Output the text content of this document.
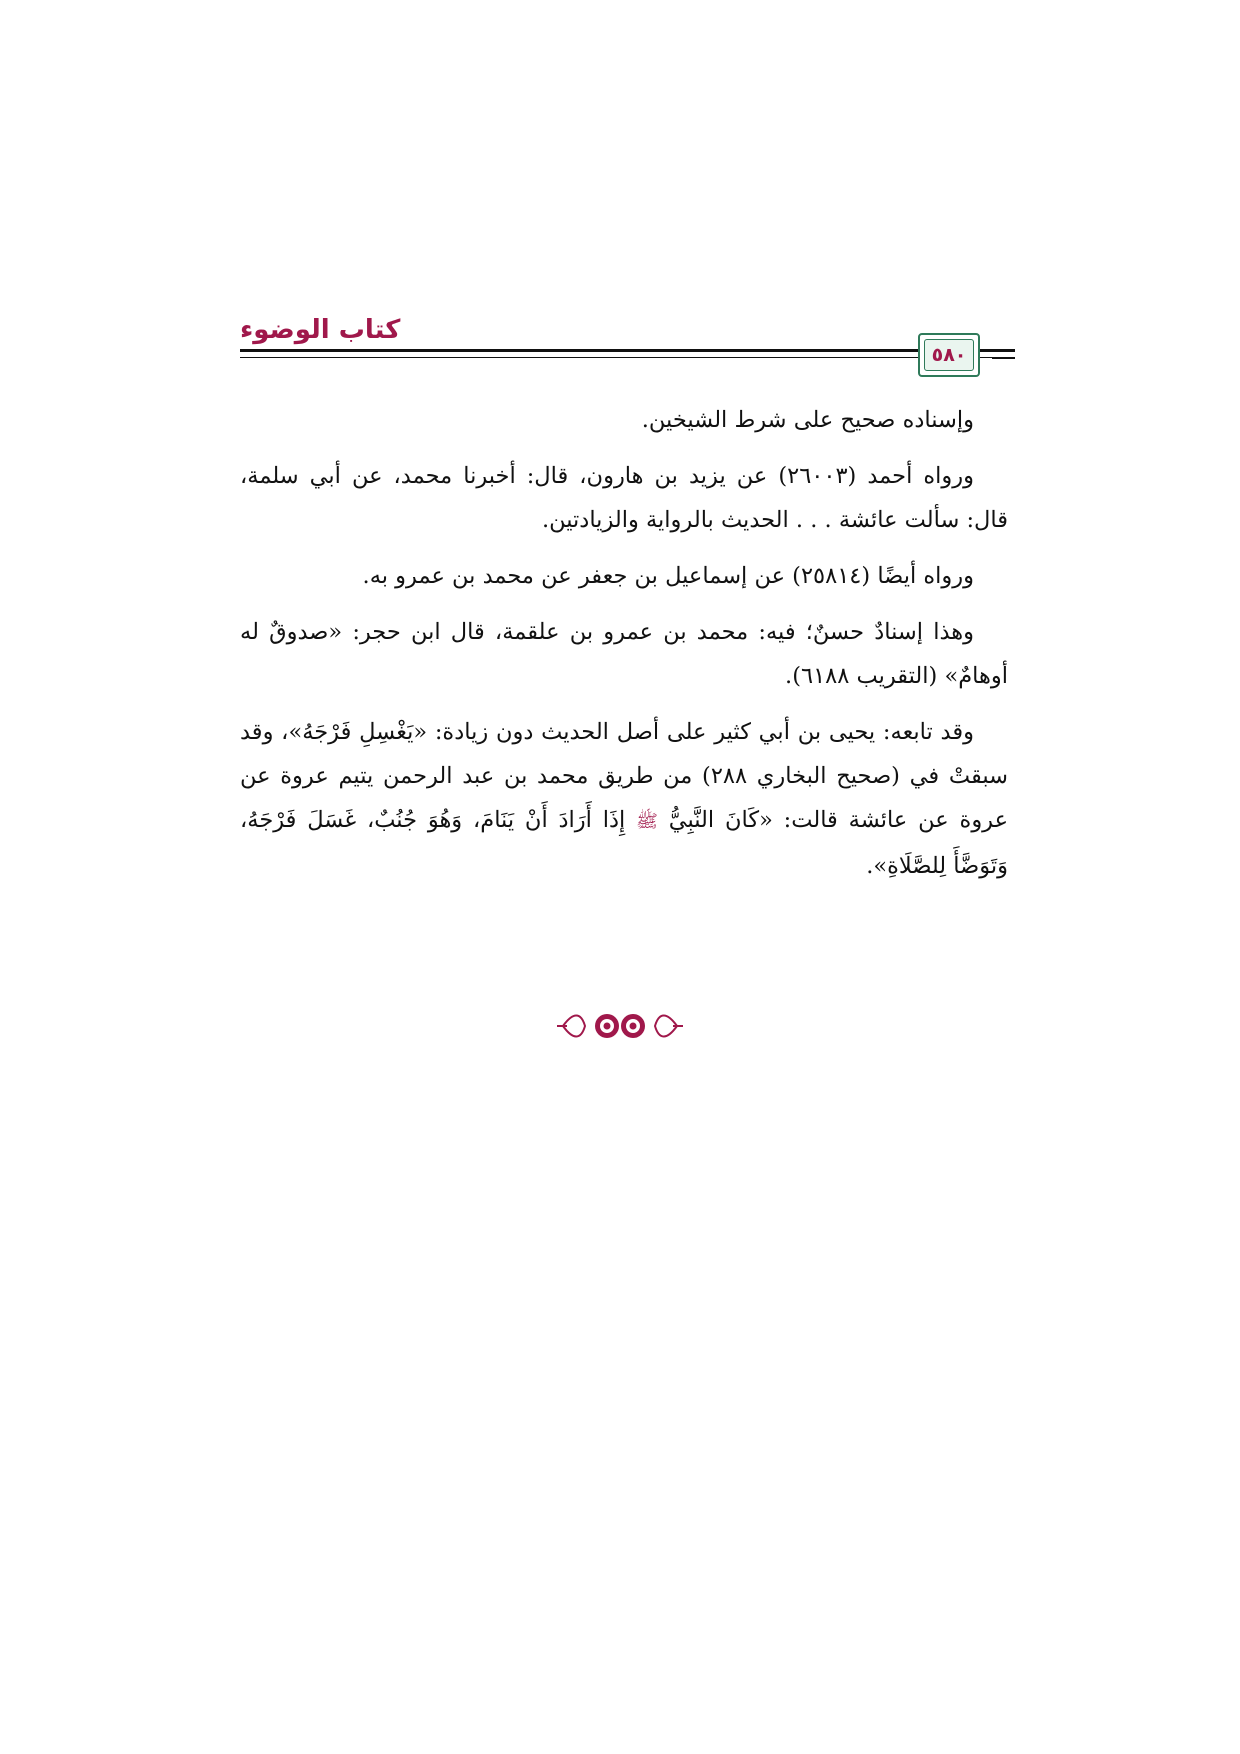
كتاب الوضوء
٥٨٠

وإسناده صحيح على شرط الشيخين.

ورواه أحمد (٢٦٠٠٣) عن يزيد بن هارون، قال: أخبرنا محمد، عن أبي سلمة، قال: سألت عائشة . . . الحديث بالرواية والزيادتين.

ورواه أيضًا (٢٥٨١٤) عن إسماعيل بن جعفر عن محمد بن عمرو به.

وهذا إسنادٌ حسنٌ؛ فيه: محمد بن عمرو بن علقمة، قال ابن حجر: «صدوقٌ له أوهامٌ» (التقريب ٦١٨٨).

وقد تابعه: يحيى بن أبي كثير على أصل الحديث دون زيادة: «يَغْسِلِ فَرْجَهُ»، وقد سبقتْ في (صحيح البخاري ٢٨٨) من طريق محمد بن عبد الرحمن يتيم عروة عن عروة عن عائشة قالت: «كَانَ النَّبِيُّ ﷺ إِذَا أَرَادَ أَنْ يَنَامَ، وَهُوَ جُنُبٌ، غَسَلَ فَرْجَهُ، وَتَوَضَّأَ لِلصَّلَاةِ».
